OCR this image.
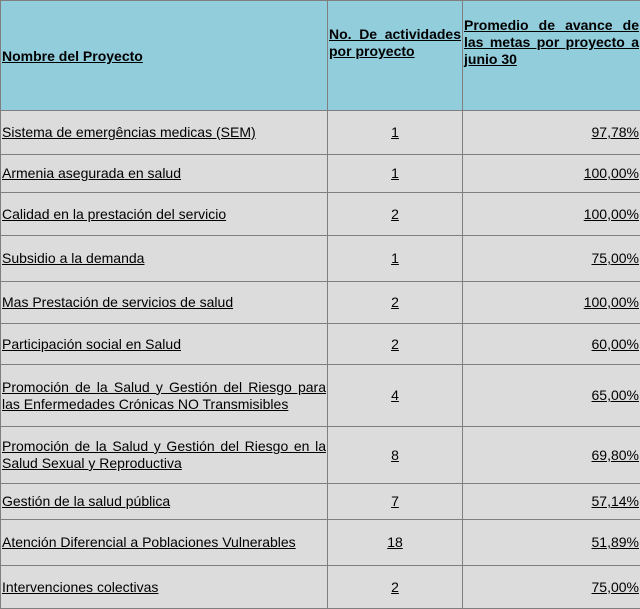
Nombre del Proyecto	No. De actividades por proyecto	Promedio de avance de las metas por proyecto a junio 30
Sistema de emergências medicas (SEM)	1	97,78%
Armenia asegurada en salud	1	100,00%
Calidad en la prestación del servicio	2	100,00%
Subsidio a la demanda	1	75,00%
Mas Prestación de servicios de salud	2	100,00%
Participación social en Salud	2	60,00%
Promoción de la Salud y Gestión del Riesgo para las Enfermedades Crónicas NO Transmisibles	4	65,00%
Promoción de la Salud y Gestión del Riesgo en la Salud Sexual y Reproductiva	8	69,80%
Gestión de la salud pública	7	57,14%
Atención Diferencial a Poblaciones Vulnerables	18	51,89%
Intervenciones colectivas	2	75,00%
